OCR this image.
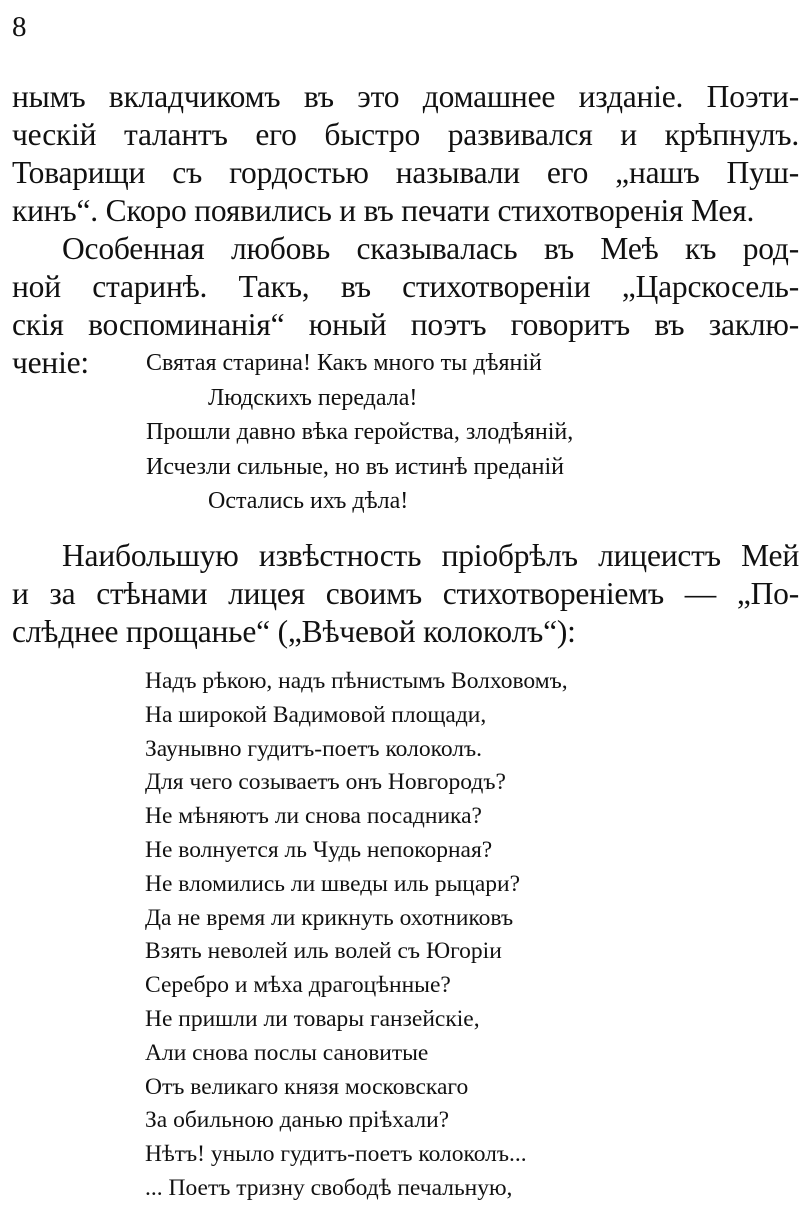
8
нымъ вкладчикомъ въ это домашнее изданіе. Поэти-
ческій талантъ его быстро развивался и крѣпнулъ.
Товарищи съ гордостью называли его „нашъ Пуш-
кинъ“. Скоро появились и въ печати стихотворенія Мея.
Особенная любовь сказывалась въ Меѣ къ род-
ной старинѣ. Такъ, въ стихотвореніи „Царскосель-
скія воспоминанія“ юный поэтъ говоритъ въ заклю-
ченіе:	Святая старина! Какъ много ты дѣяній
Людскихъ передала!
Прошли давно вѣка геройства, злодѣяній,
Исчезли сильные, но въ истинѣ преданій
Остались ихъ дѣла!
Наибольшую извѣстность пріобрѣлъ лицеистъ Мей
и за стѣнами лицея своимъ стихотвореніемъ — „По-
слѣднее прощанье“ („Вѣчевой колоколъ“):
Надъ рѣкою, надъ пѣнистымъ Волховомъ,
На широкой Вадимовой площади,
Заунывно гудитъ-поетъ колоколъ.
Для чего созываетъ онъ Новгородъ?
Не мѣняютъ ли снова посадника?
Не волнуется ль Чудь непокорная?
Не вломились ли шведы иль рыцари?
Да не время ли крикнуть охотниковъ
Взять неволей иль волей съ Югоріи
Серебро и мѣха драгоцѣнные?
Не пришли ли товары ганзейскіе,
Али снова послы сановитые
Отъ великаго князя московскаго
За обильною данью пріѣхали?
Нѣтъ! уныло гудитъ-поетъ колоколъ...
... Поетъ тризну свободѣ печальную,
